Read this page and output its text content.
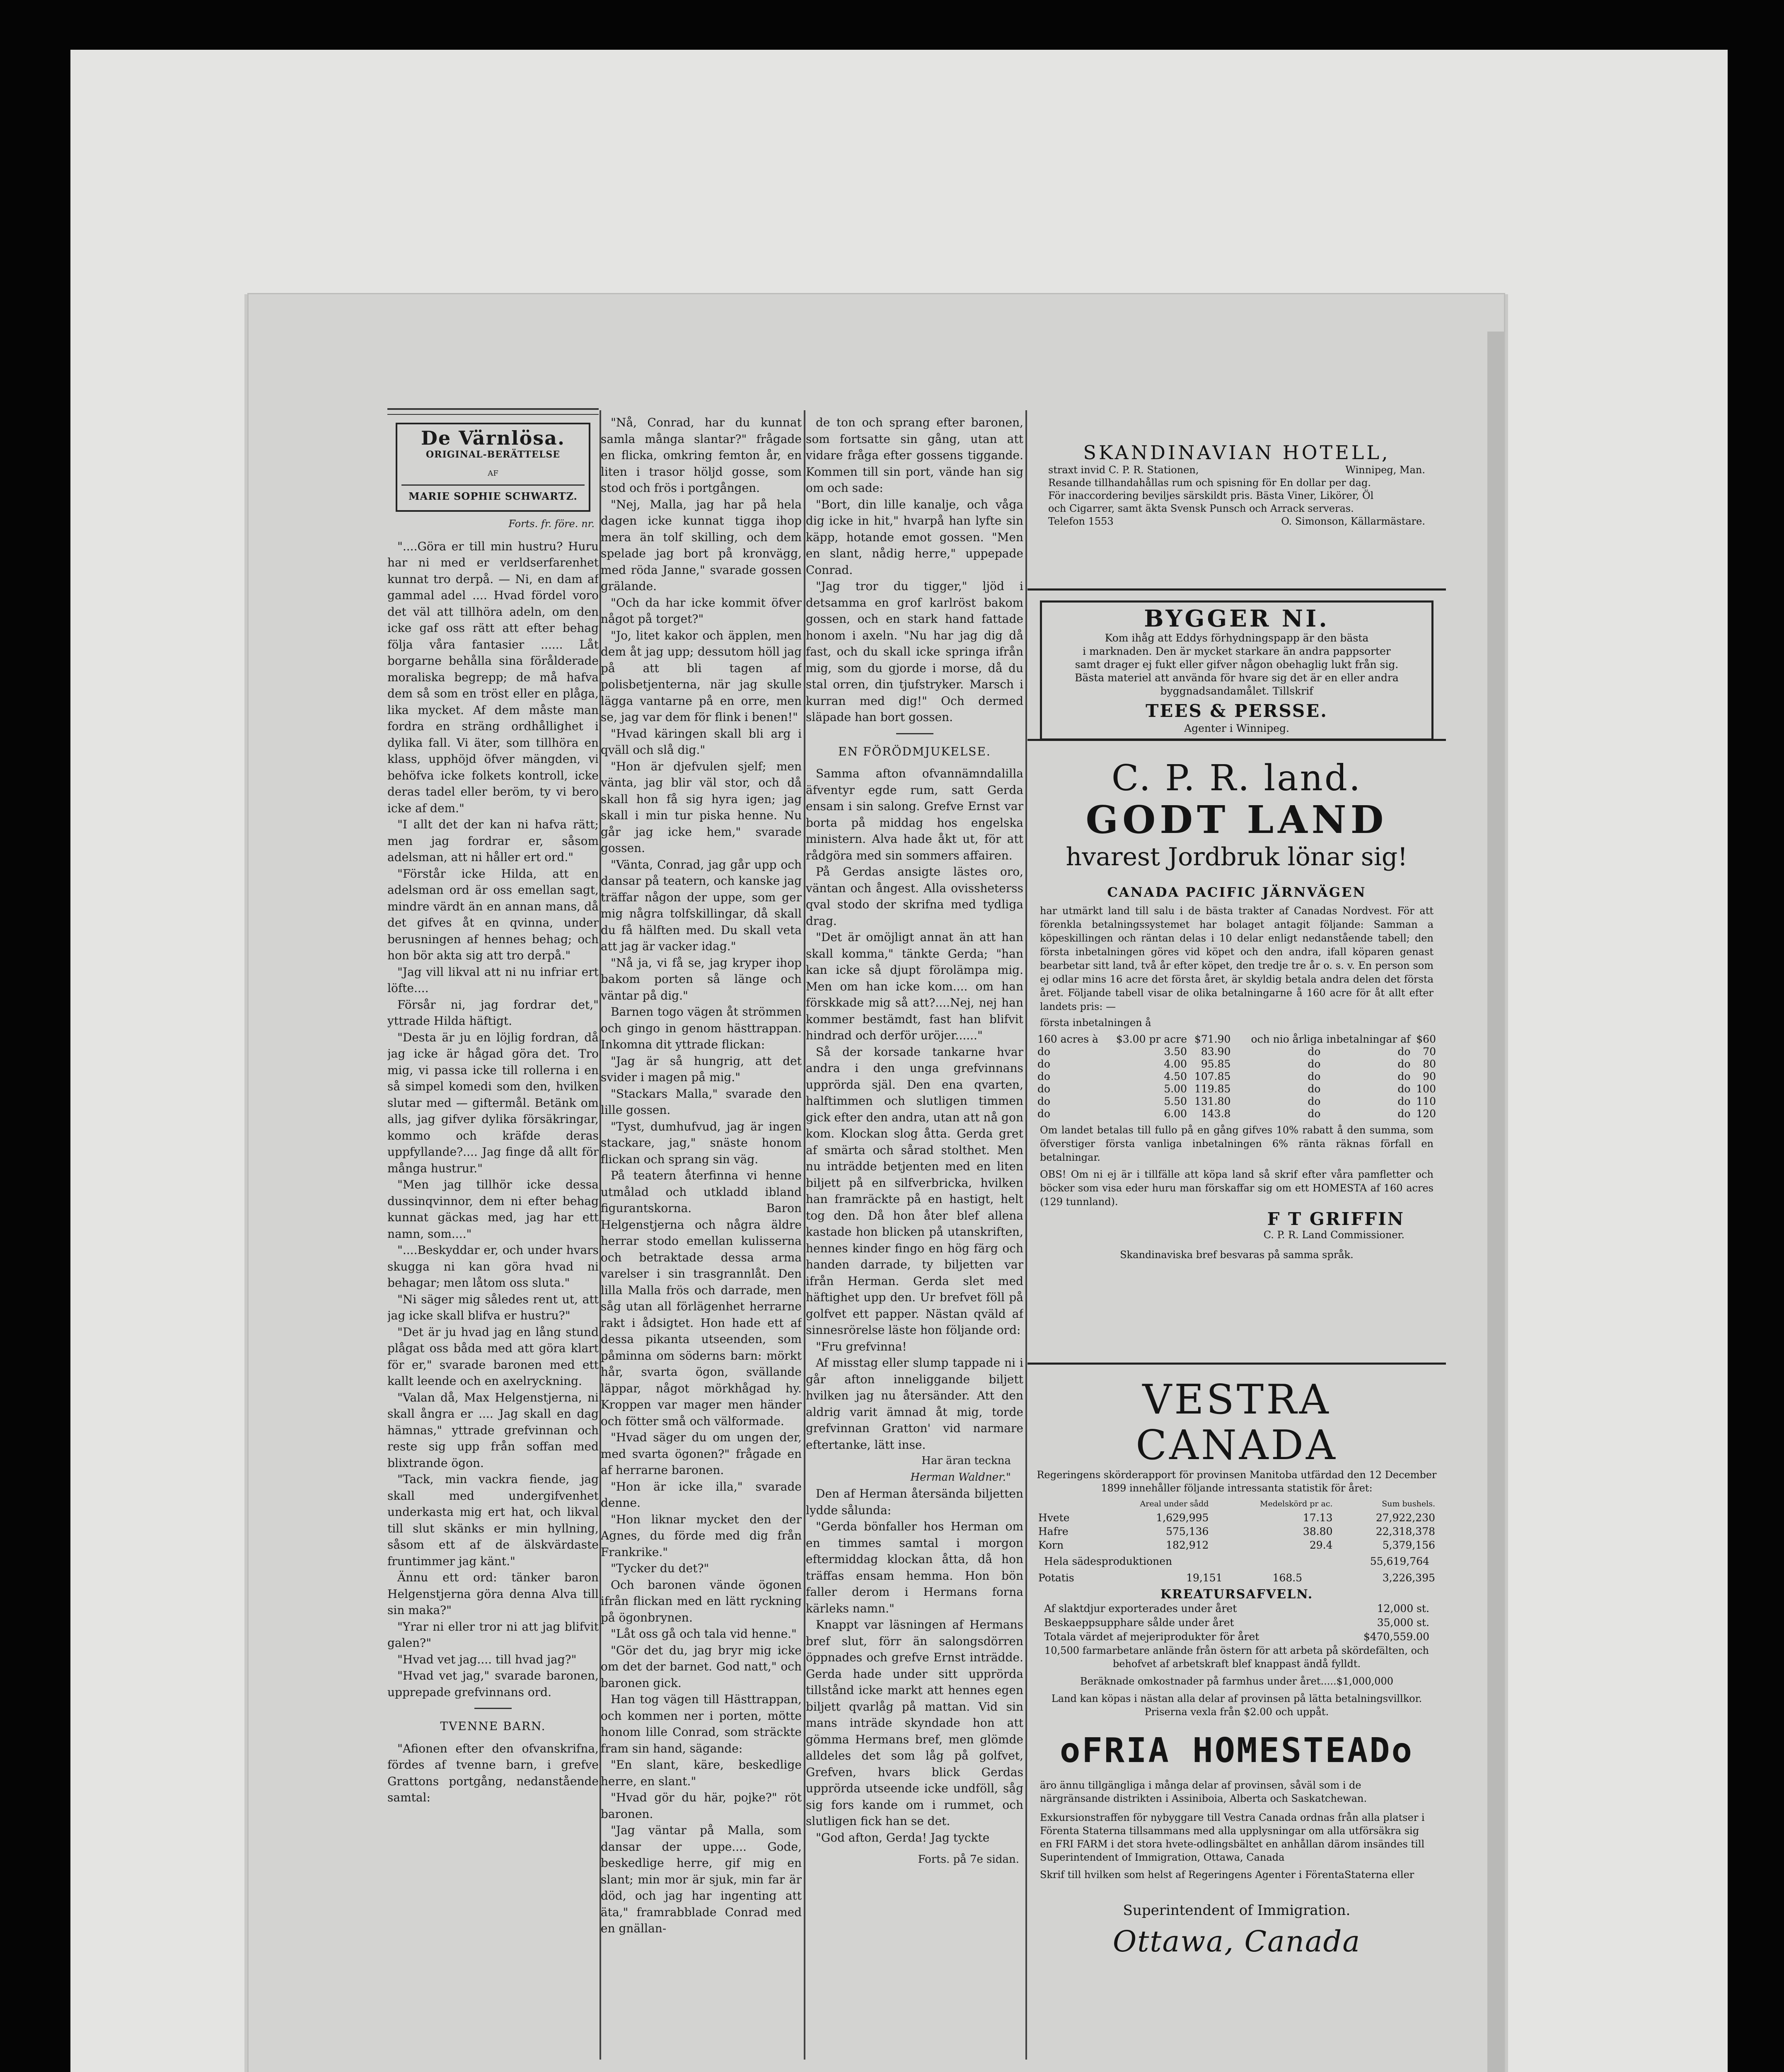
De Värnlösa.
ORIGINAL-BERÄTTELSE
AF
MARIE SOPHIE SCHWARTZ.
Forts. fr. före. nr.

"....Göra er till min hustru? Huru har ni med er verldserfarenhet kunnat tro derpå. — Ni, en dam af gammal adel .... Hvad fördel voro det väl att tillhöra adeln, om den icke gaf oss rätt att efter behag följa våra fantasier ...... Låt borgarne behålla sina förålderade moraliska begrepp; de må hafva dem så som en tröst eller en plåga, lika mycket. Af dem måste man fordra en sträng ordhållighet i dylika fall. Vi äter, som tillhöra en klass, upphöjd öfver mängden, vi behöfva icke folkets kontroll, icke deras tadel eller beröm, ty vi bero icke af dem."

"I allt det der kan ni hafva rätt; men jag fordrar er, såsom adelsman, att ni håller ert ord."

"Förstår icke Hilda, att en adelsman ord är oss emellan sagt, mindre värdt än en annan mans, då det gifves åt en qvinna, under berusningen af hennes behag; och hon bör akta sig att tro derpå."

"Jag vill likval att ni nu infriar ert löfte....

Försår ni, jag fordrar det," yttrade Hilda häftigt.

"Desta är ju en löjlig fordran, då jag icke är hågad göra det. Tro mig, vi passa icke till rollerna i en så simpel komedi som den, hvilken slutar med — giftermål. Betänk om alls, jag gifver dylika försäkringar, kommo och kräfde deras uppfyllande?.... Jag finge då allt för många hustrur."

"Men jag tillhör icke dessa dussinqvinnor, dem ni efter behag kunnat gäckas med, jag har ett namn, som...."

"....Beskyddar er, och under hvars skugga ni kan göra hvad ni behagar; men låtom oss sluta."

"Ni säger mig således rent ut, att jag icke skall blifva er hustru?"

"Det är ju hvad jag en lång stund plågat oss båda med att göra klart för er," svarade baronen med ett kallt leende och en axelryckning.

"Valan då, Max Helgenstjerna, ni skall ångra er .... Jag skall en dag hämnas," yttrade grefvinnan och reste sig upp från soffan med blixtrande ögon.

"Tack, min vackra fiende, jag skall med undergifvenhet underkasta mig ert hat, och likval till slut skänks er min hyllning, såsom ett af de älskvärdaste fruntimmer jag känt."

Ännu ett ord: tänker baron Helgenstjerna göra denna Alva till sin maka?"

"Yrar ni eller tror ni att jag blifvit galen?"

"Hvad vet jag.... till hvad jag?"

"Hvad vet jag," svarade baronen, upprepade grefvinnans ord.

TVENNE BARN.

"Afionen efter den ofvanskrifna, fördes af tvenne barn, i grefve Grattons portgång, nedanstående samtal:

"Nå, Conrad, har du kunnat samla många slantar?" frågade en flicka, omkring femton år, en liten i trasor höljd gosse, som stod och frös i portgången.

"Nej, Malla, jag har på hela dagen icke kunnat tigga ihop mera än tolf skilling, och dem spelade jag bort på kronvägg, med röda Janne," svarade gossen grälande.

"Och da har icke kommit öfver något på torget?"

"Jo, litet kakor och äpplen, men dem åt jag upp; dessutom höll jag på att bli tagen af polisbetjenterna, när jag skulle lägga vantarne på en orre, men se, jag var dem för flink i benen!"

"Hvad käringen skall bli arg i qväll och slå dig."

"Hon är djefvulen sjelf; men vänta, jag blir väl stor, och då skall hon få sig hyra igen; jag skall i min tur piska henne. Nu går jag icke hem," svarade gossen.

"Vänta, Conrad, jag går upp och dansar på teatern, och kanske jag träffar någon der uppe, som ger mig några tolfskillingar, då skall du få hälften med. Du skall veta att jag är vacker idag."

"Nå ja, vi få se, jag kryper ihop bakom porten så länge och väntar på dig."

Barnen togo vägen åt strömmen och gingo in genom hästtrappan. Inkomna dit yttrade flickan:

"Jag är så hungrig, att det svider i magen på mig."

"Stackars Malla," svarade den lille gossen.

"Tyst, dumhufvud, jag är ingen stackare, jag," snäste honom flickan och sprang sin väg.

På teatern återfinna vi henne utmålad och utkladd ibland figurantskorna. Baron Helgenstjerna och några äldre herrar stodo emellan kulisserna och betraktade dessa arma varelser i sin trasgrannlåt. Den lilla Malla frös och darrade, men såg utan all förlägenhet herrarne rakt i ådsigtet. Hon hade ett af dessa pikanta utseenden, som påminna om söderns barn: mörkt hår, svarta ögon, svällande läppar, något mörkhågad hy. Kroppen var mager men händer och fötter små och välformade.

"Hvad säger du om ungen der, med svarta ögonen?" frågade en af herrarne baronen.

"Hon är icke illa," svarade denne.

"Hon liknar mycket den der Agnes, du förde med dig från Frankrike."

"Tycker du det?"

Och baronen vände ögonen ifrån flickan med en lätt ryckning på ögonbrynen.

"Låt oss gå och tala vid henne."

"Gör det du, jag bryr mig icke om det der barnet. God natt," och baronen gick.

Han tog vägen till Hästtrappan, och kommen ner i porten, mötte honom lille Conrad, som sträckte fram sin hand, sägande:

"En slant, käre, beskedlige herre, en slant."

"Hvad gör du här, pojke?" röt baronen.

"Jag väntar på Malla, som dansar der uppe.... Gode, beskedlige herre, gif mig en slant; min mor är sjuk, min far är död, och jag har ingenting att äta," framrabblade Conrad med en gnällan-

de ton och sprang efter baronen, som fortsatte sin gång, utan att vidare fråga efter gossens tiggande. Kommen till sin port, vände han sig om och sade:

"Bort, din lille kanalje, och våga dig icke in hit," hvarpå han lyfte sin käpp, hotande emot gossen. "Men en slant, nådig herre," uppepade Conrad.

"Jag tror du tigger," ljöd i detsamma en grof karlröst bakom gossen, och en stark hand fattade honom i axeln. "Nu har jag dig då fast, och du skall icke springa ifrån mig, som du gjorde i morse, då du stal orren, din tjufstryker. Marsch i kurran med dig!" Och dermed släpade han bort gossen.

EN FÖRÖDMJUKELSE.

Samma afton ofvannämndalilla äfventyr egde rum, satt Gerda ensam i sin salong. Grefve Ernst var borta på middag hos engelska ministern. Alva hade åkt ut, för att rådgöra med sin sommers affairen.

På Gerdas ansigte lästes oro, väntan och ångest. Alla ovissheterss qval stodo der skrifna med tydliga drag.

"Det är omöjligt annat än att han skall komma," tänkte Gerda; "han kan icke så djupt förolämpa mig. Men om han icke kom.... om han förskkade mig så att?....Nej, nej han kommer bestämdt, fast han blifvit hindrad och derför uröjer......"

Så der korsade tankarne hvar andra i den unga grefvinnans upprörda själ. Den ena qvarten, halftimmen och slutligen timmen gick efter den andra, utan att nå gon kom. Klockan slog åtta. Gerda gret af smärta och sårad stolthet. Men nu inträdde betjenten med en liten biljett på en silfverbricka, hvilken han framräckte på en hastigt, helt tog den. Då hon åter blef allena kastade hon blicken på utanskriften, hennes kinder fingo en hög färg och handen darrade, ty biljetten var ifrån Herman. Gerda slet med häftighet upp den. Ur brefvet föll på golfvet ett papper. Nästan qväld af sinnesrörelse läste hon följande ord:

"Fru grefvinna!

Af misstag eller slump tappade ni i går afton inneliggande biljett hvilken jag nu återsänder. Att den aldrig varit ämnad åt mig, torde grefvinnan Gratton' vid narmare eftertanke, lätt inse.

Har äran teckna
Herman Waldner."

Den af Herman återsända biljetten lydde sålunda:

"Gerda bönfaller hos Herman om en timmes samtal i morgon eftermiddag klockan åtta, då hon träffas ensam hemma. Hon bön faller derom i Hermans forna kärleks namn."

Knappt var läsningen af Hermans bref slut, förr än salongsdörren öppnades och grefve Ernst inträdde. Gerda hade under sitt upprörda tillstånd icke markt att hennes egen biljett qvarlåg på mattan. Vid sin mans inträde skyndade hon att gömma Hermans bref, men glömde alldeles det som låg på golfvet, Grefven, hvars blick Gerdas upprörda utseende icke undföll, såg sig fors kande om i rummet, och slutligen fick han se det.

"God afton, Gerda! Jag tyckte

Forts. på 7e sidan.
SKANDINAVIAN HOTELL,
straxt invid C. P. R. Stationen,	Winnipeg, Man.
Resande tillhandahållas rum och spisning för En dollar per dag.
För inaccordering beviljes särskildt pris. Bästa Viner, Likörer, Öl
och Cigarrer, samt äkta Svensk Punsch och Arrack serveras.
Telefon 1553	O. Simonson, Källarmästare.
BYGGER NI.
Kom ihåg att Eddys förhydningspapp är den bästa
i marknaden. Den är mycket starkare än andra pappsorter
samt drager ej fukt eller gifver någon obehaglig lukt från sig.
Bästa materiel att använda för hvare sig det är en eller andra
byggnadsandamålet. Tillskrif
TEES & PERSSE.
Agenter i Winnipeg.
C. P. R. land.
GODT LAND
hvarest Jordbruk lönar sig!
CANADA PACIFIC JÄRNVÄGEN
har utmärkt land till salu i de bästa trakter af Canadas Nordvest. För att förenkla betalningssystemet har bolaget antagit följande: Samman a köpeskillingen och räntan delas i 10 delar enligt nedanstående tabell; den första inbetalningen göres vid köpet och den andra, ifall köparen genast bearbetar sitt land, två år efter köpet, den tredje tre år o. s. v. En person som ej odlar mins 16 acre det första året, är skyldig betala andra delen det första året. Följande tabell visar de olika betalningarne å 160 acre för åt allt efter landets pris: —
första inbetalningen å
160 acres à	$3.00 pr acre	$71.90	och nio årliga inbetalningar af		$60
do	3.50	83.90	do	do	70
do	4.00	95.85	do	do	80
do	4.50	107.85	do	do	90
do	5.00	119.85	do	do	100
do	5.50	131.80	do	do	110
do	6.00	143.8	do	do	120
Om landet betalas till fullo på en gång gifves 10% rabatt å den summa, som öfverstiger första vanliga inbetalningen 6% ränta räknas förfall en betalningar.
OBS! Om ni ej är i tillfälle att köpa land så skrif efter våra pamfletter och böcker som visa eder huru man förskaffar sig om ett HOMESTA af 160 acres (129 tunnland).
F T GRIFFIN
C. P. R. Land Commissioner.
Skandinaviska bref besvaras på samma språk.
VESTRA CANADA
Regeringens skörderapport för provinsen Manitoba utfärdad den 12 December 1899 innehåller följande intressanta statistik för året:
	Areal under sådd	Medelskörd pr ac.	Sum bushels.
Hvete	1,629,995	17.13	27,922,230
Hafre	575,136	38.80	22,318,378
Korn	182,912	29.4	5,379,156
Hela sädesproduktionen	55,619,764
Potatis	19,151	168.5	3,226,395
KREATURSAFVELN.
Af slaktdjur exporterades under året	12,000 st.
Beskaeppsupphare sålde under året	35,000 st.
Totala värdet af mejeriprodukter för året	$470,559.00
10,500 farmarbetare anlände från östern för att arbeta på skördefälten, och behofvet af arbetskraft blef knappast ändå fylldt.
Beräknade omkostnader på farmhus under året.....$1,000,000
Land kan köpas i nästan alla delar af provinsen på lätta betalningsvillkor. Priserna vexla från $2.00 och uppåt.
oFRIA HOMESTEADo
äro ännu tillgängliga i många delar af provinsen, såväl som i de närgränsande distrikten i Assiniboia, Alberta och Saskatchewan.
Exkursionstraffen för nybyggare till Vestra Canada ordnas från alla platser i Förenta Staterna tillsammans med alla upplysningar om alla utförsäkra sig en FRI FARM i det stora hvete-odlingsbältet en anhållan därom insändes till Superintendent of Immigration, Ottawa, Canada
Skrif till hvilken som helst af Regeringens Agenter i FörentaStaterna eller
Superintendent of Immigration.
Ottawa, Canada
